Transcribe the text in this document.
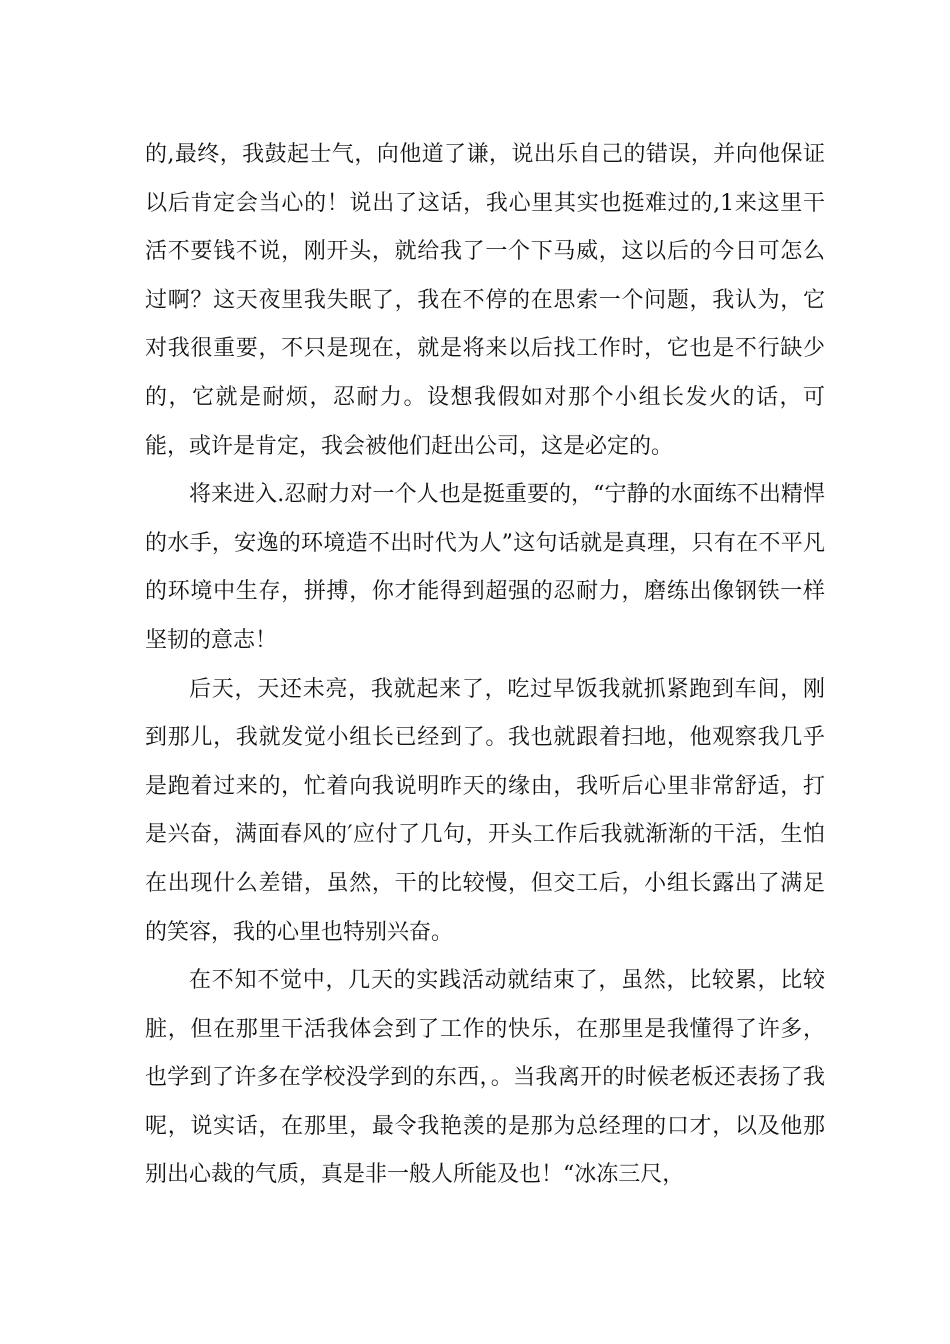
的,最终，我鼓起士气，向他道了谦，说出乐自己的错误，并向他保证以后肯定会当心的！说出了这话，我心里其实也挺难过的,1来这里干活不要钱不说，刚开头，就给我了一个下马威，这以后的今日可怎么过啊？这天夜里我失眠了，我在不停的在思索一个问题，我认为，它对我很重要，不只是现在，就是将来以后找工作时，它也是不行缺少的，它就是耐烦，忍耐力。设想我假如对那个小组长发火的话，可能，或许是肯定，我会被他们赶出公司，这是必定的。

将来进入.忍耐力对一个人也是挺重要的，“宁静的水面练不出精悍的水手，安逸的环境造不出时代为人”这句话就是真理，只有在不平凡的环境中生存，拼搏，你才能得到超强的忍耐力，磨练出像钢铁一样坚韧的意志！

后天，天还未亮，我就起来了，吃过早饭我就抓紧跑到车间，刚到那儿，我就发觉小组长已经到了。我也就跟着扫地，他观察我几乎是跑着过来的，忙着向我说明昨天的缘由，我听后心里非常舒适，打是兴奋，满面春风的′应付了几句，开头工作后我就渐渐的干活，生怕在出现什么差错，虽然，干的比较慢，但交工后，小组长露出了满足的笑容，我的心里也特别兴奋。

在不知不觉中，几天的实践活动就结束了，虽然，比较累，比较脏，但在那里干活我体会到了工作的快乐，在那里是我懂得了许多，也学到了许多在学校没学到的东西，。当我离开的时候老板还表扬了我呢，说实话，在那里，最令我艳羡的是那为总经理的口才，以及他那别出心裁的气质，真是非一般人所能及也！“冰冻三尺，
